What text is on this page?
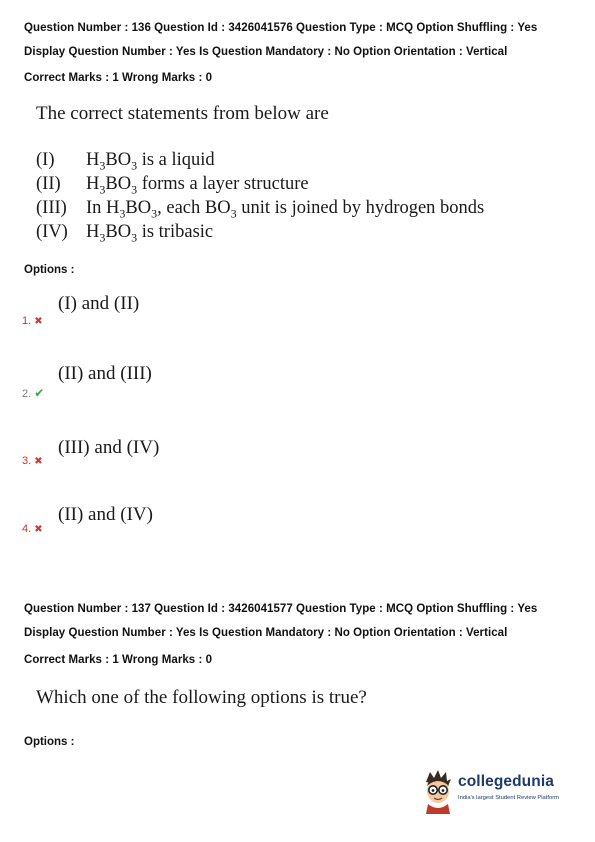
Question Number : 136 Question Id : 3426041576 Question Type : MCQ Option Shuffling : Yes
Display Question Number : Yes Is Question Mandatory : No Option Orientation : Vertical
Correct Marks : 1 Wrong Marks : 0
The correct statements from below are
(I) $H_3BO_3$ is a liquid
(II) $H_3BO_3$ forms a layer structure
(III) In $H_3BO_3$, each $BO_3$ unit is joined by hydrogen bonds
(IV) $H_3BO_3$ is tribasic
Options :
(I) and (II)
1. ✖
(II) and (III)
2. ✔
(III) and (IV)
3. ✖
(II) and (IV)
4. ✖
Question Number : 137 Question Id : 3426041577 Question Type : MCQ Option Shuffling : Yes
Display Question Number : Yes Is Question Mandatory : No Option Orientation : Vertical
Correct Marks : 1 Wrong Marks : 0
Which one of the following options is true?
Options :
collegedunia
India's largest Student Review Platform
